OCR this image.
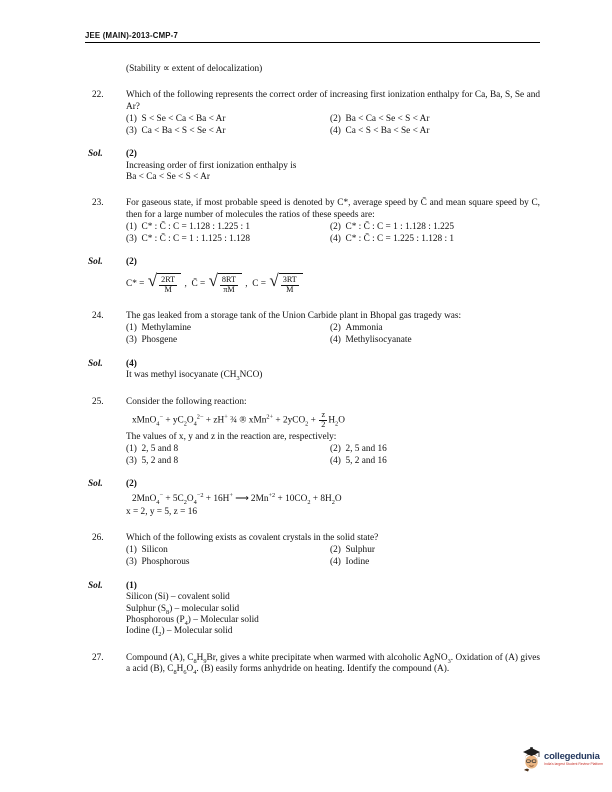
JEE (MAIN)-2013-CMP-7
(Stability ∝ extent of delocalization)
22.	Which of the following represents the correct order of increasing first ionization enthalpy for Ca, Ba, S, Se and Ar?
(1) S < Se < Ca < Ba < Ar	(2) Ba < Ca < Se < S < Ar
(3) Ca < Ba < S < Se < Ar	(4) Ca < S < Ba < Se < Ar
Sol.	(2)
Increasing order of first ionization enthalpy is
Ba < Ca < Se < S < Ar
23.	For gaseous state, if most probable speed is denoted by C*, average speed by C̄ and mean square speed by C, then for a large number of molecules the ratios of these speeds are:
(1) C* : C̄ : C = 1.128 : 1.225 : 1	(2) C* : C̄ : C = 1 : 1.128 : 1.225
(3) C* : C̄ : C = 1 : 1.125 : 1.128	(4) C* : C̄ : C = 1.225 : 1.128 : 1
Sol.	(2)
C* = √ $\frac{2RT}{M}$ ,  C̄ = √ $\frac{8RT}{\pi M}$ ,  C = √ $\frac{3RT}{M}$
24.	The gas leaked from a storage tank of the Union Carbide plant in Bhopal gas tragedy was:
(1) Methylamine	(2) Ammonia
(3) Phosgene	(4) Methylisocyanate
Sol.	(4)
It was methyl isocyanate $(CH_3NCO)$
25.	Consider the following reaction:
xMnO$_4$− + $yC_2O_4^{2-} + zH^+$ ¾ ® $xMn^{2+} + 2yCO_2 + \frac{z}{2} H_2O$
The values of x, y and z in the reaction are, respectively:
(1) 2, 5 and 8	(2) 2, 5 and 16
(3) 5, 2 and 8	(4) 5, 2 and 16
Sol.	(2)
$2MnO_4^- + 5C_2O_4^{-2} + 16H^+$ ⟶ $2Mn^{+2} + 10CO_2 + 8H_2O$
x = 2, y = 5, z = 16
26.	Which of the following exists as covalent crystals in the solid state?
(1) Silicon	(2) Sulphur
(3) Phosphorous	(4) Iodine
Sol.	(1)
Silicon (Si) – covalent solid
Sulphur $(S_8)$ – molecular solid
Phosphorous $(P_4)$ – Molecular solid
Iodine $(I_2)$ – Molecular solid
27.	Compound (A), $C_8H_9Br$, gives a white precipitate when warmed with alcoholic AgNO$_3$. Oxidation of (A) gives a acid (B), $C_8H_6O_4$. (B) easily forms anhydride on heating. Identify the compound (A).
collegedunia
India's largest Student Review Platform
